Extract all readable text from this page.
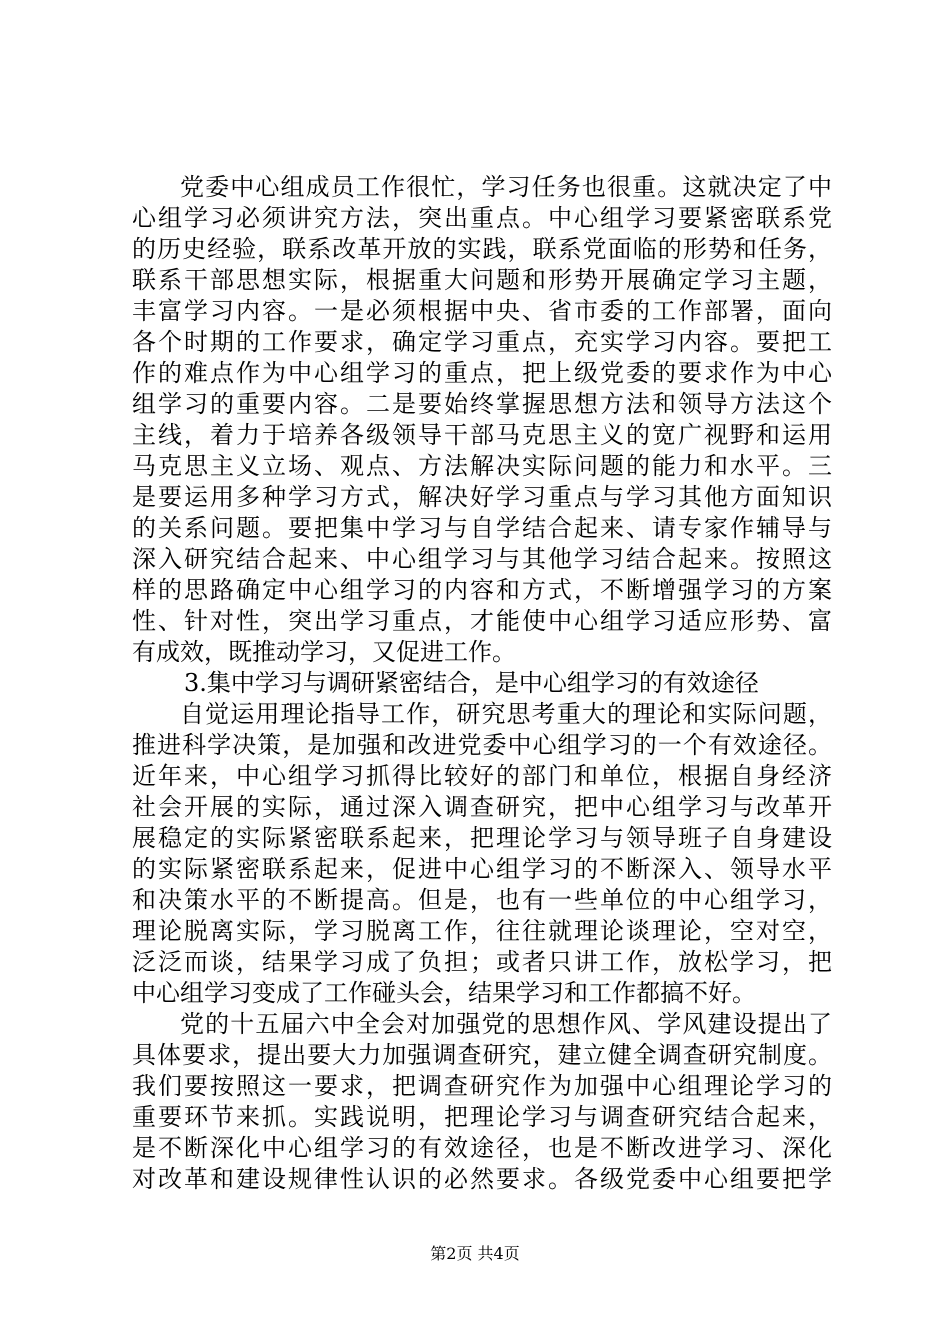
党委中心组成员工作很忙，学习任务也很重。这就决定了中
心组学习必须讲究方法，突出重点。中心组学习要紧密联系党
的历史经验，联系改革开放的实践，联系党面临的形势和任务，
联系干部思想实际，根据重大问题和形势开展确定学习主题，
丰富学习内容。一是必须根据中央、省市委的工作部署，面向
各个时期的工作要求，确定学习重点，充实学习内容。要把工
作的难点作为中心组学习的重点，把上级党委的要求作为中心
组学习的重要内容。二是要始终掌握思想方法和领导方法这个
主线，着力于培养各级领导干部马克思主义的宽广视野和运用
马克思主义立场、观点、方法解决实际问题的能力和水平。三
是要运用多种学习方式，解决好学习重点与学习其他方面知识
的关系问题。要把集中学习与自学结合起来、请专家作辅导与
深入研究结合起来、中心组学习与其他学习结合起来。按照这
样的思路确定中心组学习的内容和方式，不断增强学习的方案
性、针对性，突出学习重点，才能使中心组学习适应形势、富
有成效，既推动学习，又促进工作。
3.集中学习与调研紧密结合，是中心组学习的有效途径
自觉运用理论指导工作，研究思考重大的理论和实际问题，
推进科学决策，是加强和改进党委中心组学习的一个有效途径。
近年来，中心组学习抓得比较好的部门和单位，根据自身经济
社会开展的实际，通过深入调查研究，把中心组学习与改革开
展稳定的实际紧密联系起来，把理论学习与领导班子自身建设
的实际紧密联系起来，促进中心组学习的不断深入、领导水平
和决策水平的不断提高。但是，也有一些单位的中心组学习，
理论脱离实际，学习脱离工作，往往就理论谈理论，空对空，
泛泛而谈，结果学习成了负担；或者只讲工作，放松学习，把
中心组学习变成了工作碰头会，结果学习和工作都搞不好。
党的十五届六中全会对加强党的思想作风、学风建设提出了
具体要求，提出要大力加强调查研究，建立健全调查研究制度。
我们要按照这一要求，把调查研究作为加强中心组理论学习的
重要环节来抓。实践说明，把理论学习与调查研究结合起来，
是不断深化中心组学习的有效途径，也是不断改进学习、深化
对改革和建设规律性认识的必然要求。各级党委中心组要把学
第2页 共4页
